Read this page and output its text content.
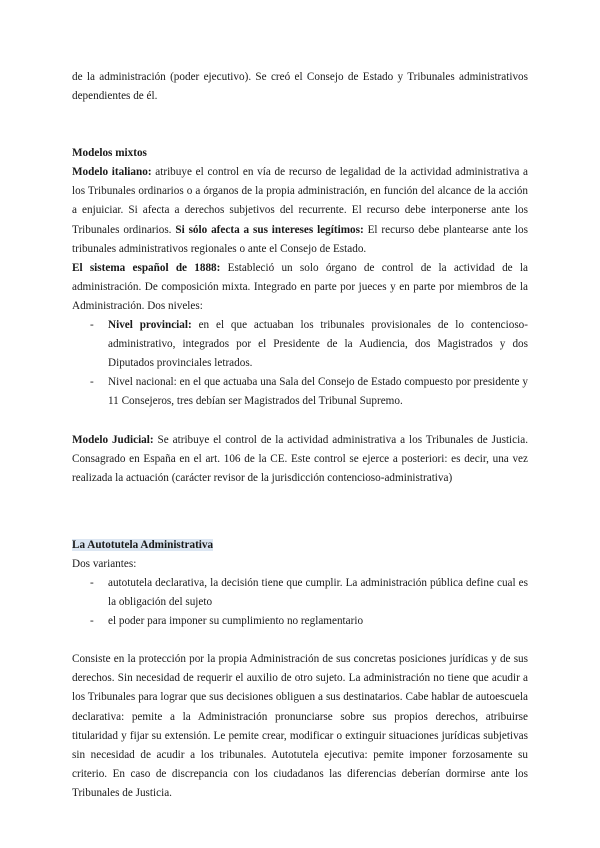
de la administración (poder ejecutivo). Se creó el Consejo de Estado y Tribunales administrativos dependientes de él.

Modelos mixtos

Modelo italiano: atribuye el control en vía de recurso de legalidad de la actividad administrativa a los Tribunales ordinarios o a órganos de la propia administración, en función del alcance de la acción a enjuiciar. Si afecta a derechos subjetivos del recurrente. El recurso debe interponerse ante los Tribunales ordinarios. Si sólo afecta a sus intereses legítimos: El recurso debe plantearse ante los tribunales administrativos regionales o ante el Consejo de Estado.

El sistema español de 1888: Estableció un solo órgano de control de la actividad de la administración. De composición mixta. Integrado en parte por jueces y en parte por miembros de la Administración. Dos niveles:

- Nivel provincial: en el que actuaban los tribunales provisionales de lo contencioso-administrativo, integrados por el Presidente de la Audiencia, dos Magistrados y dos Diputados provinciales letrados.
- Nivel nacional: en el que actuaba una Sala del Consejo de Estado compuesto por presidente y 11 Consejeros, tres debían ser Magistrados del Tribunal Supremo.

Modelo Judicial: Se atribuye el control de la actividad administrativa a los Tribunales de Justicia. Consagrado en España en el art. 106 de la CE. Este control se ejerce a posteriori: es decir, una vez realizada la actuación (carácter revisor de la jurisdicción contencioso-administrativa)

La Autotutela Administrativa

Dos variantes:

- autotutela declarativa, la decisión tiene que cumplir. La administración pública define cual es la obligación del sujeto
- el poder para imponer su cumplimiento no reglamentario

Consiste en la protección por la propia Administración de sus concretas posiciones jurídicas y de sus derechos. Sin necesidad de requerir el auxilio de otro sujeto. La administración no tiene que acudir a los Tribunales para lograr que sus decisiones obliguen a sus destinatarios. Cabe hablar de autoescuela declarativa: pemite a la Administración pronunciarse sobre sus propios derechos, atribuirse titularidad y fijar su extensión. Le pemite crear, modificar o extinguir situaciones jurídicas subjetivas sin necesidad de acudir a los tribunales. Autotutela ejecutiva: pemite imponer forzosamente su criterio. En caso de discrepancia con los ciudadanos las diferencias deberían dormirse ante los Tribunales de Justicia.
